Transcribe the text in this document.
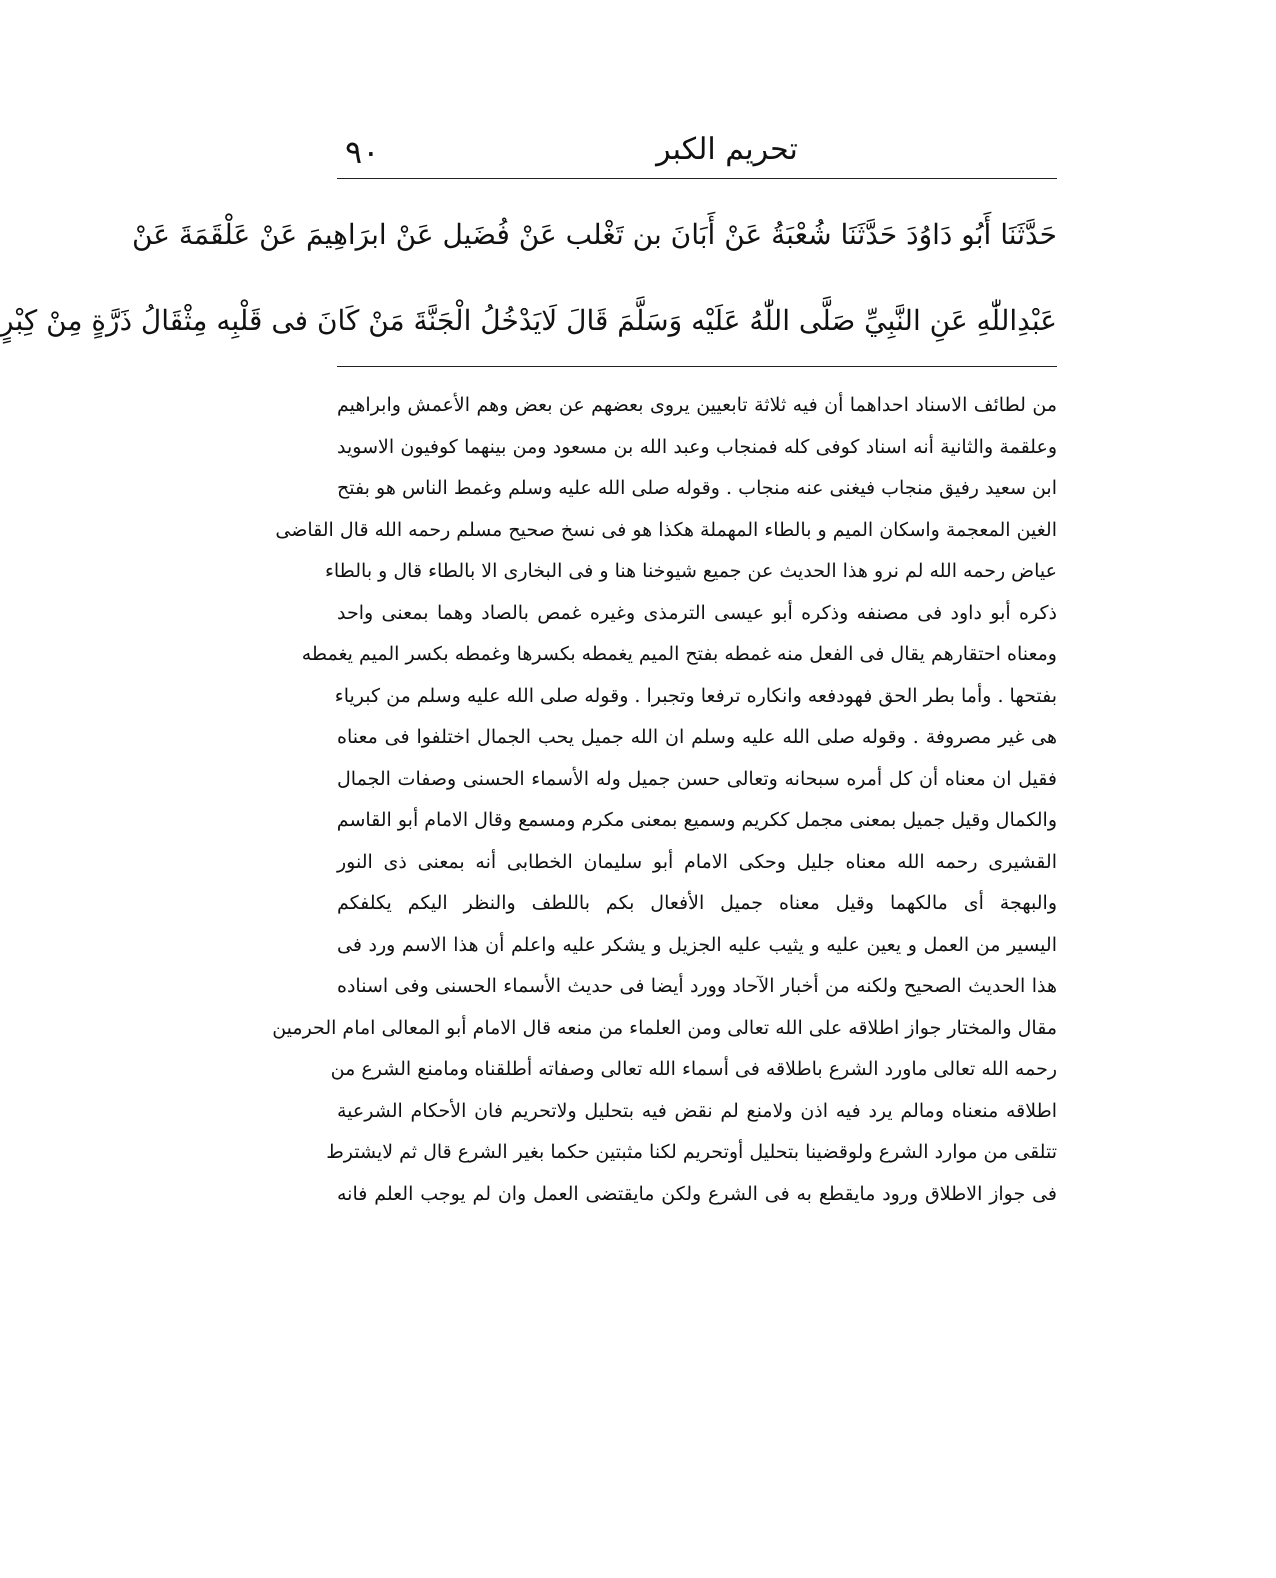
٩٠	تحريم الكبر
حَدَّثَنَا أَبُو دَاوُدَ حَدَّثَنَا شُعْبَةُ عَنْ أَبَانَ بن تَغْلب عَنْ فُضَيل عَنْ ابرَاهِيمَ عَنْ عَلْقَمَةَ عَنْ
عَبْدِاللّٰهِ عَنِ النَّبِيِّ صَلَّى اللّٰهُ عَلَيْه وَسَلَّمَ قَالَ لَايَدْخُلُ الْجَنَّةَ مَنْ كَانَ فى قَلْبِه مِثْقَالُ ذَرَّةٍ مِنْ كِبْرٍ
من لطائف الاسناد احداهما أن فيه ثلاثة تابعيين يروى بعضهم عن بعض وهم الأعمش وابراهيم
وعلقمة والثانية أنه اسناد كوفى كله فمنجاب وعبد الله بن مسعود ومن بينهما كوفيون الاسويد
ابن سعيد رفيق منجاب فيغنى عنه منجاب . وقوله صلى الله عليه وسلم وغمط الناس هو بفتح
الغين المعجمة واسكان الميم و بالطاء المهملة هكذا هو فى نسخ صحيح مسلم رحمه الله قال القاضى
عياض رحمه الله لم نرو هذا الحديث عن جميع شيوخنا هنا و فى البخارى الا بالطاء قال و بالطاء
ذكره أبو داود فى مصنفه وذكره أبو عيسى الترمذى وغيره غمص بالصاد وهما بمعنى واحد
ومعناه احتقارهم يقال فى الفعل منه غمطه بفتح الميم يغمطه بكسرها وغمطه بكسر الميم يغمطه
بفتحها . وأما بطر الحق فهودفعه وانكاره ترفعا وتجبرا . وقوله صلى الله عليه وسلم من كبرياء
هى غير مصروفة . وقوله صلى الله عليه وسلم ان الله جميل يحب الجمال اختلفوا فى معناه
فقيل ان معناه أن كل أمره سبحانه وتعالى حسن جميل وله الأسماء الحسنى وصفات الجمال
والكمال وقيل جميل بمعنى مجمل ككريم وسميع بمعنى مكرم ومسمع وقال الامام أبو القاسم
القشيرى رحمه الله معناه جليل وحكى الامام أبو سليمان الخطابى أنه بمعنى ذى النور
والبهجة أى مالكهما وقيل معناه جميل الأفعال بكم باللطف والنظر اليكم يكلفكم
اليسير من العمل و يعين عليه و يثيب عليه الجزيل و يشكر عليه واعلم أن هذا الاسم ورد فى
هذا الحديث الصحيح ولكنه من أخبار الآحاد وورد أيضا فى حديث الأسماء الحسنى وفى اسناده
مقال والمختار جواز اطلاقه على الله تعالى ومن العلماء من منعه قال الامام أبو المعالى امام الحرمين
رحمه الله تعالى ماورد الشرع باطلاقه فى أسماء الله تعالى وصفاته أطلقناه ومامنع الشرع من
اطلاقه منعناه ومالم يرد فيه اذن ولامنع لم نقض فيه بتحليل ولاتحريم فان الأحكام الشرعية
تتلقى من موارد الشرع ولوقضينا بتحليل أوتحريم لكنا مثبتين حكما بغير الشرع قال ثم لايشترط
فى جواز الاطلاق ورود مايقطع به فى الشرع ولكن مايقتضى العمل وان لم يوجب العلم فانه
